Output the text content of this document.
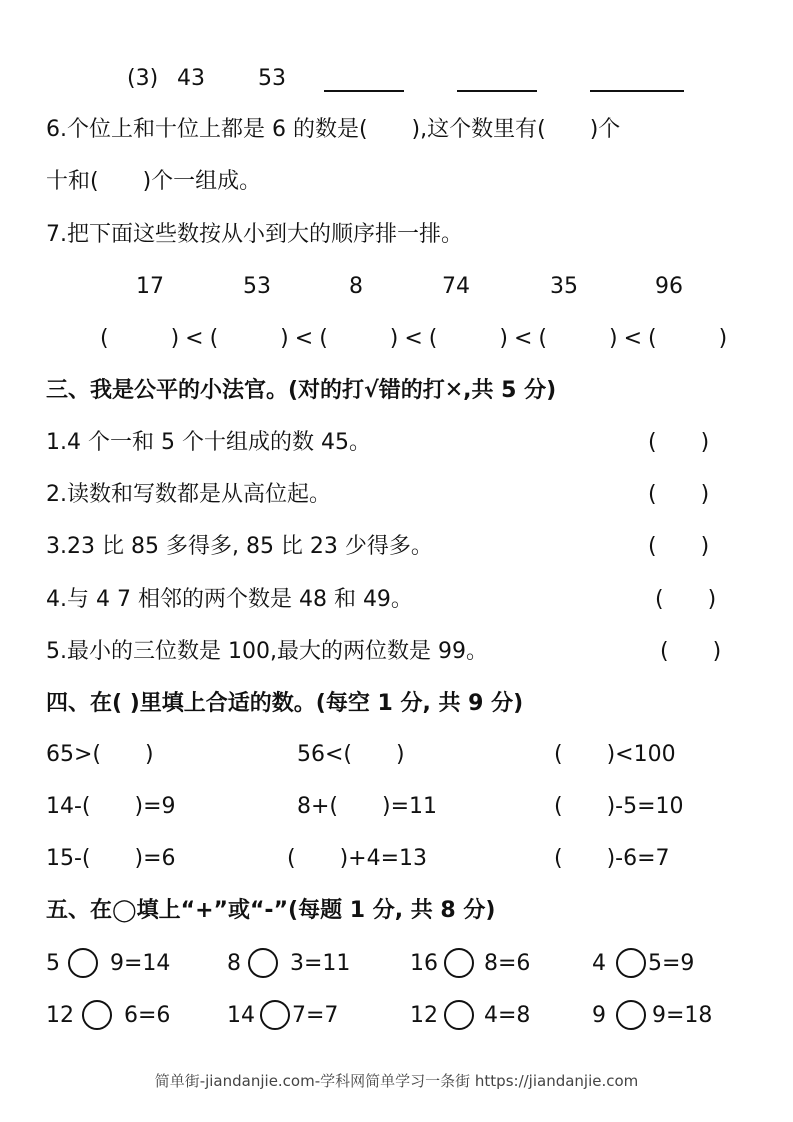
(3) 43 53
6.个位上和十位上都是 6 的数是(　　),这个数里有(　　)个
十和(　　)个一组成。
7.把下面这些数按从小到大的顺序排一排。
17	53	8	74	35	96
(　　)<(　　)<(　　)<(　　)<(　　)<(　　)
三、我是公平的小法官。(对的打√错的打✕,共 5 分)
1.4 个一和 5 个十组成的数 45。	(　　)
2.读数和写数都是从高位起。	(　　)
3.23 比 85 多得多, 85 比 23 少得多。	(　　)
4.与 4 7 相邻的两个数是 48 和 49。	(　　)
5.最小的三位数是 100,最大的两位数是 99。	(　　)
四、在( )里填上合适的数。(每空 1 分, 共 9 分)
65>(　　)	56<(　　)	(　　)<100
14-(　　)=9	8+(　　)=11	(　　)-5=10
15-(　　)=6	(　　)+4=13	(　　)-6=7
五、在◯填上“+”或“-”(每题 1 分, 共 8 分)
5 9=14	8 3=11	16 8=6	4 5=9
12 6=6	14 7=7	12 4=8	9 9=18
简单街-jiandanjie.com-学科网简单学习一条街 https://jiandanjie.com
